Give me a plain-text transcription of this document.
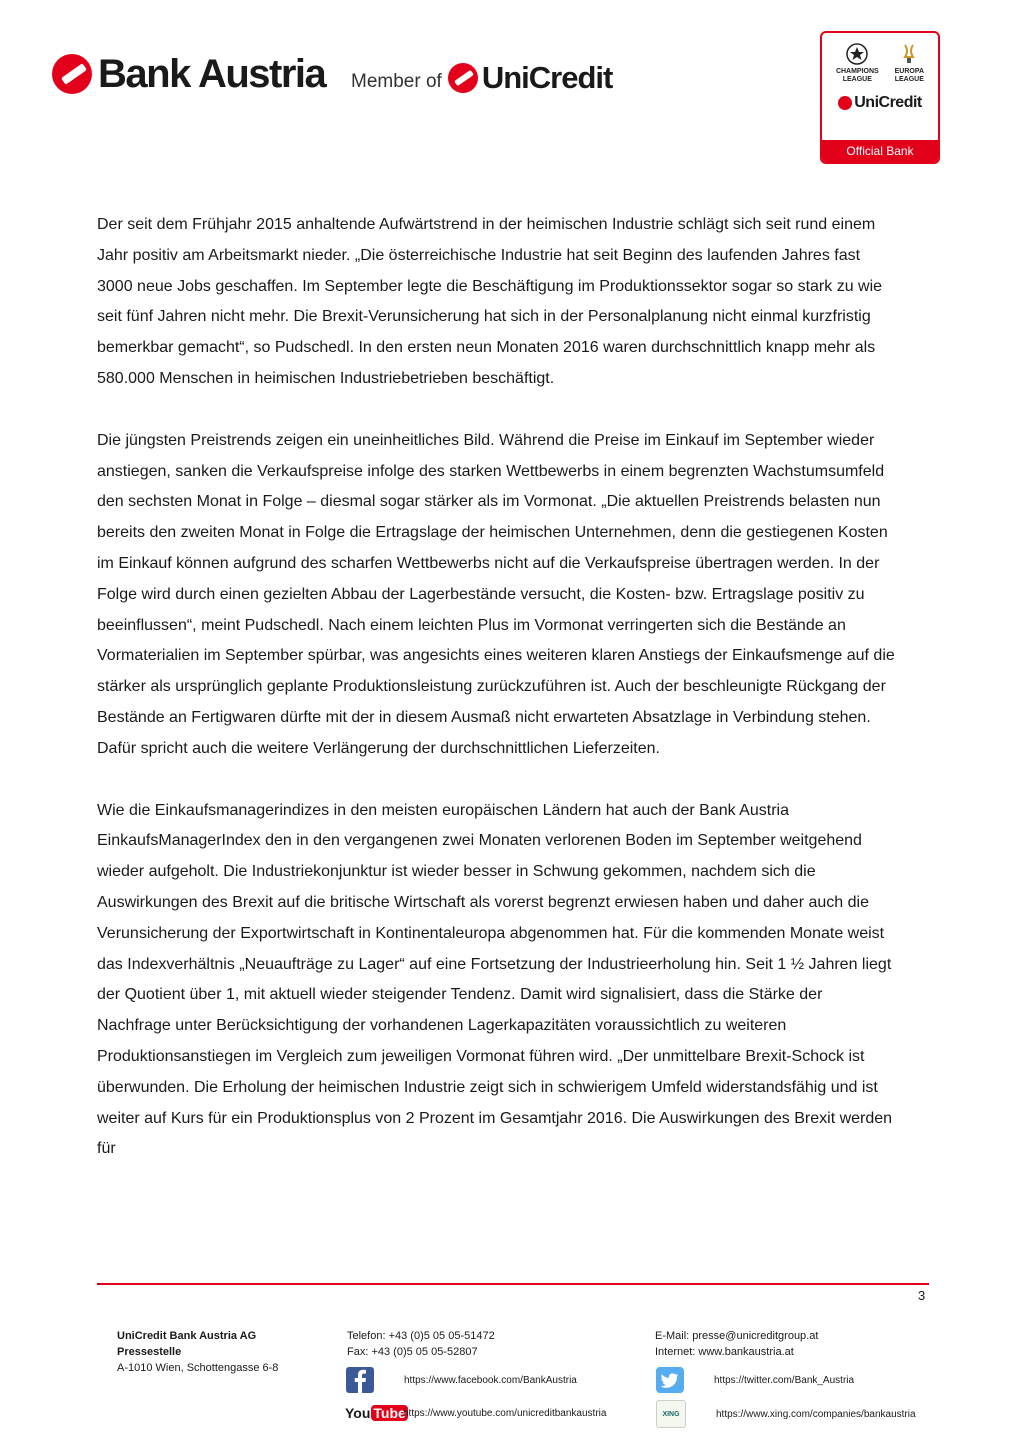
Bank Austria Member of UniCredit	CHAMPIONS
LEAGUE
EUROPA
LEAGUE
UniCredit
Official Bank

Der seit dem Frühjahr 2015 anhaltende Aufwärtstrend in der heimischen Industrie schlägt sich seit rund einem Jahr positiv am Arbeitsmarkt nieder. „Die österreichische Industrie hat seit Beginn des laufenden Jahres fast 3000 neue Jobs geschaffen. Im September legte die Beschäftigung im Produktionssektor sogar so stark zu wie seit fünf Jahren nicht mehr. Die Brexit-Verunsicherung hat sich in der Personalplanung nicht einmal kurzfristig bemerkbar gemacht“, so Pudschedl. In den ersten neun Monaten 2016 waren durchschnittlich knapp mehr als 580.000 Menschen in heimischen Industriebetrieben beschäftigt.

Die jüngsten Preistrends zeigen ein uneinheitliches Bild. Während die Preise im Einkauf im September wieder anstiegen, sanken die Verkaufspreise infolge des starken Wettbewerbs in einem begrenzten Wachstumsumfeld den sechsten Monat in Folge – diesmal sogar stärker als im Vormonat. „Die aktuellen Preistrends belasten nun bereits den zweiten Monat in Folge die Ertragslage der heimischen Unternehmen, denn die gestiegenen Kosten im Einkauf können aufgrund des scharfen Wettbewerbs nicht auf die Verkaufspreise übertragen werden. In der Folge wird durch einen gezielten Abbau der Lagerbestände versucht, die Kosten- bzw. Ertragslage positiv zu beeinflussen“, meint Pudschedl. Nach einem leichten Plus im Vormonat verringerten sich die Bestände an Vormaterialien im September spürbar, was angesichts eines weiteren klaren Anstiegs der Einkaufsmenge auf die stärker als ursprünglich geplante Produktionsleistung zurückzuführen ist. Auch der beschleunigte Rückgang der Bestände an Fertigwaren dürfte mit der in diesem Ausmaß nicht erwarteten Absatzlage in Verbindung stehen. Dafür spricht auch die weitere Verlängerung der durchschnittlichen Lieferzeiten.

Wie die Einkaufsmanagerindizes in den meisten europäischen Ländern hat auch der Bank Austria EinkaufsManagerIndex den in den vergangenen zwei Monaten verlorenen Boden im September weitgehend wieder aufgeholt. Die Industriekonjunktur ist wieder besser in Schwung gekommen, nachdem sich die Auswirkungen des Brexit auf die britische Wirtschaft als vorerst begrenzt erwiesen haben und daher auch die Verunsicherung der Exportwirtschaft in Kontinentaleuropa abgenommen hat. Für die kommenden Monate weist das Indexverhältnis „Neuaufträge zu Lager“ auf eine Fortsetzung der Industrieerholung hin. Seit 1 ½ Jahren liegt der Quotient über 1, mit aktuell wieder steigender Tendenz. Damit wird signalisiert, dass die Stärke der Nachfrage unter Berücksichtigung der vorhandenen Lagerkapazitäten voraussichtlich zu weiteren Produktionsanstiegen im Vergleich zum jeweiligen Vormonat führen wird. „Der unmittelbare Brexit-Schock ist überwunden. Die Erholung der heimischen Industrie zeigt sich in schwierigem Umfeld widerstandsfähig und ist weiter auf Kurs für ein Produktionsplus von 2 Prozent im Gesamtjahr 2016. Die Auswirkungen des Brexit werden für

3
UniCredit Bank Austria AG
Pressestelle
A-1010 Wien, Schottengasse 6-8
Telefon: +43 (0)5 05 05-51472
Fax: +43 (0)5 05 05-52807
E-Mail: presse@unicreditgroup.at
Internet: www.bankaustria.at
https://www.facebook.com/BankAustria
You Tube
https://www.youtube.com/unicreditbankaustria
https://twitter.com/Bank_Austria
XING	https://www.xing.com/companies/bankaustria
